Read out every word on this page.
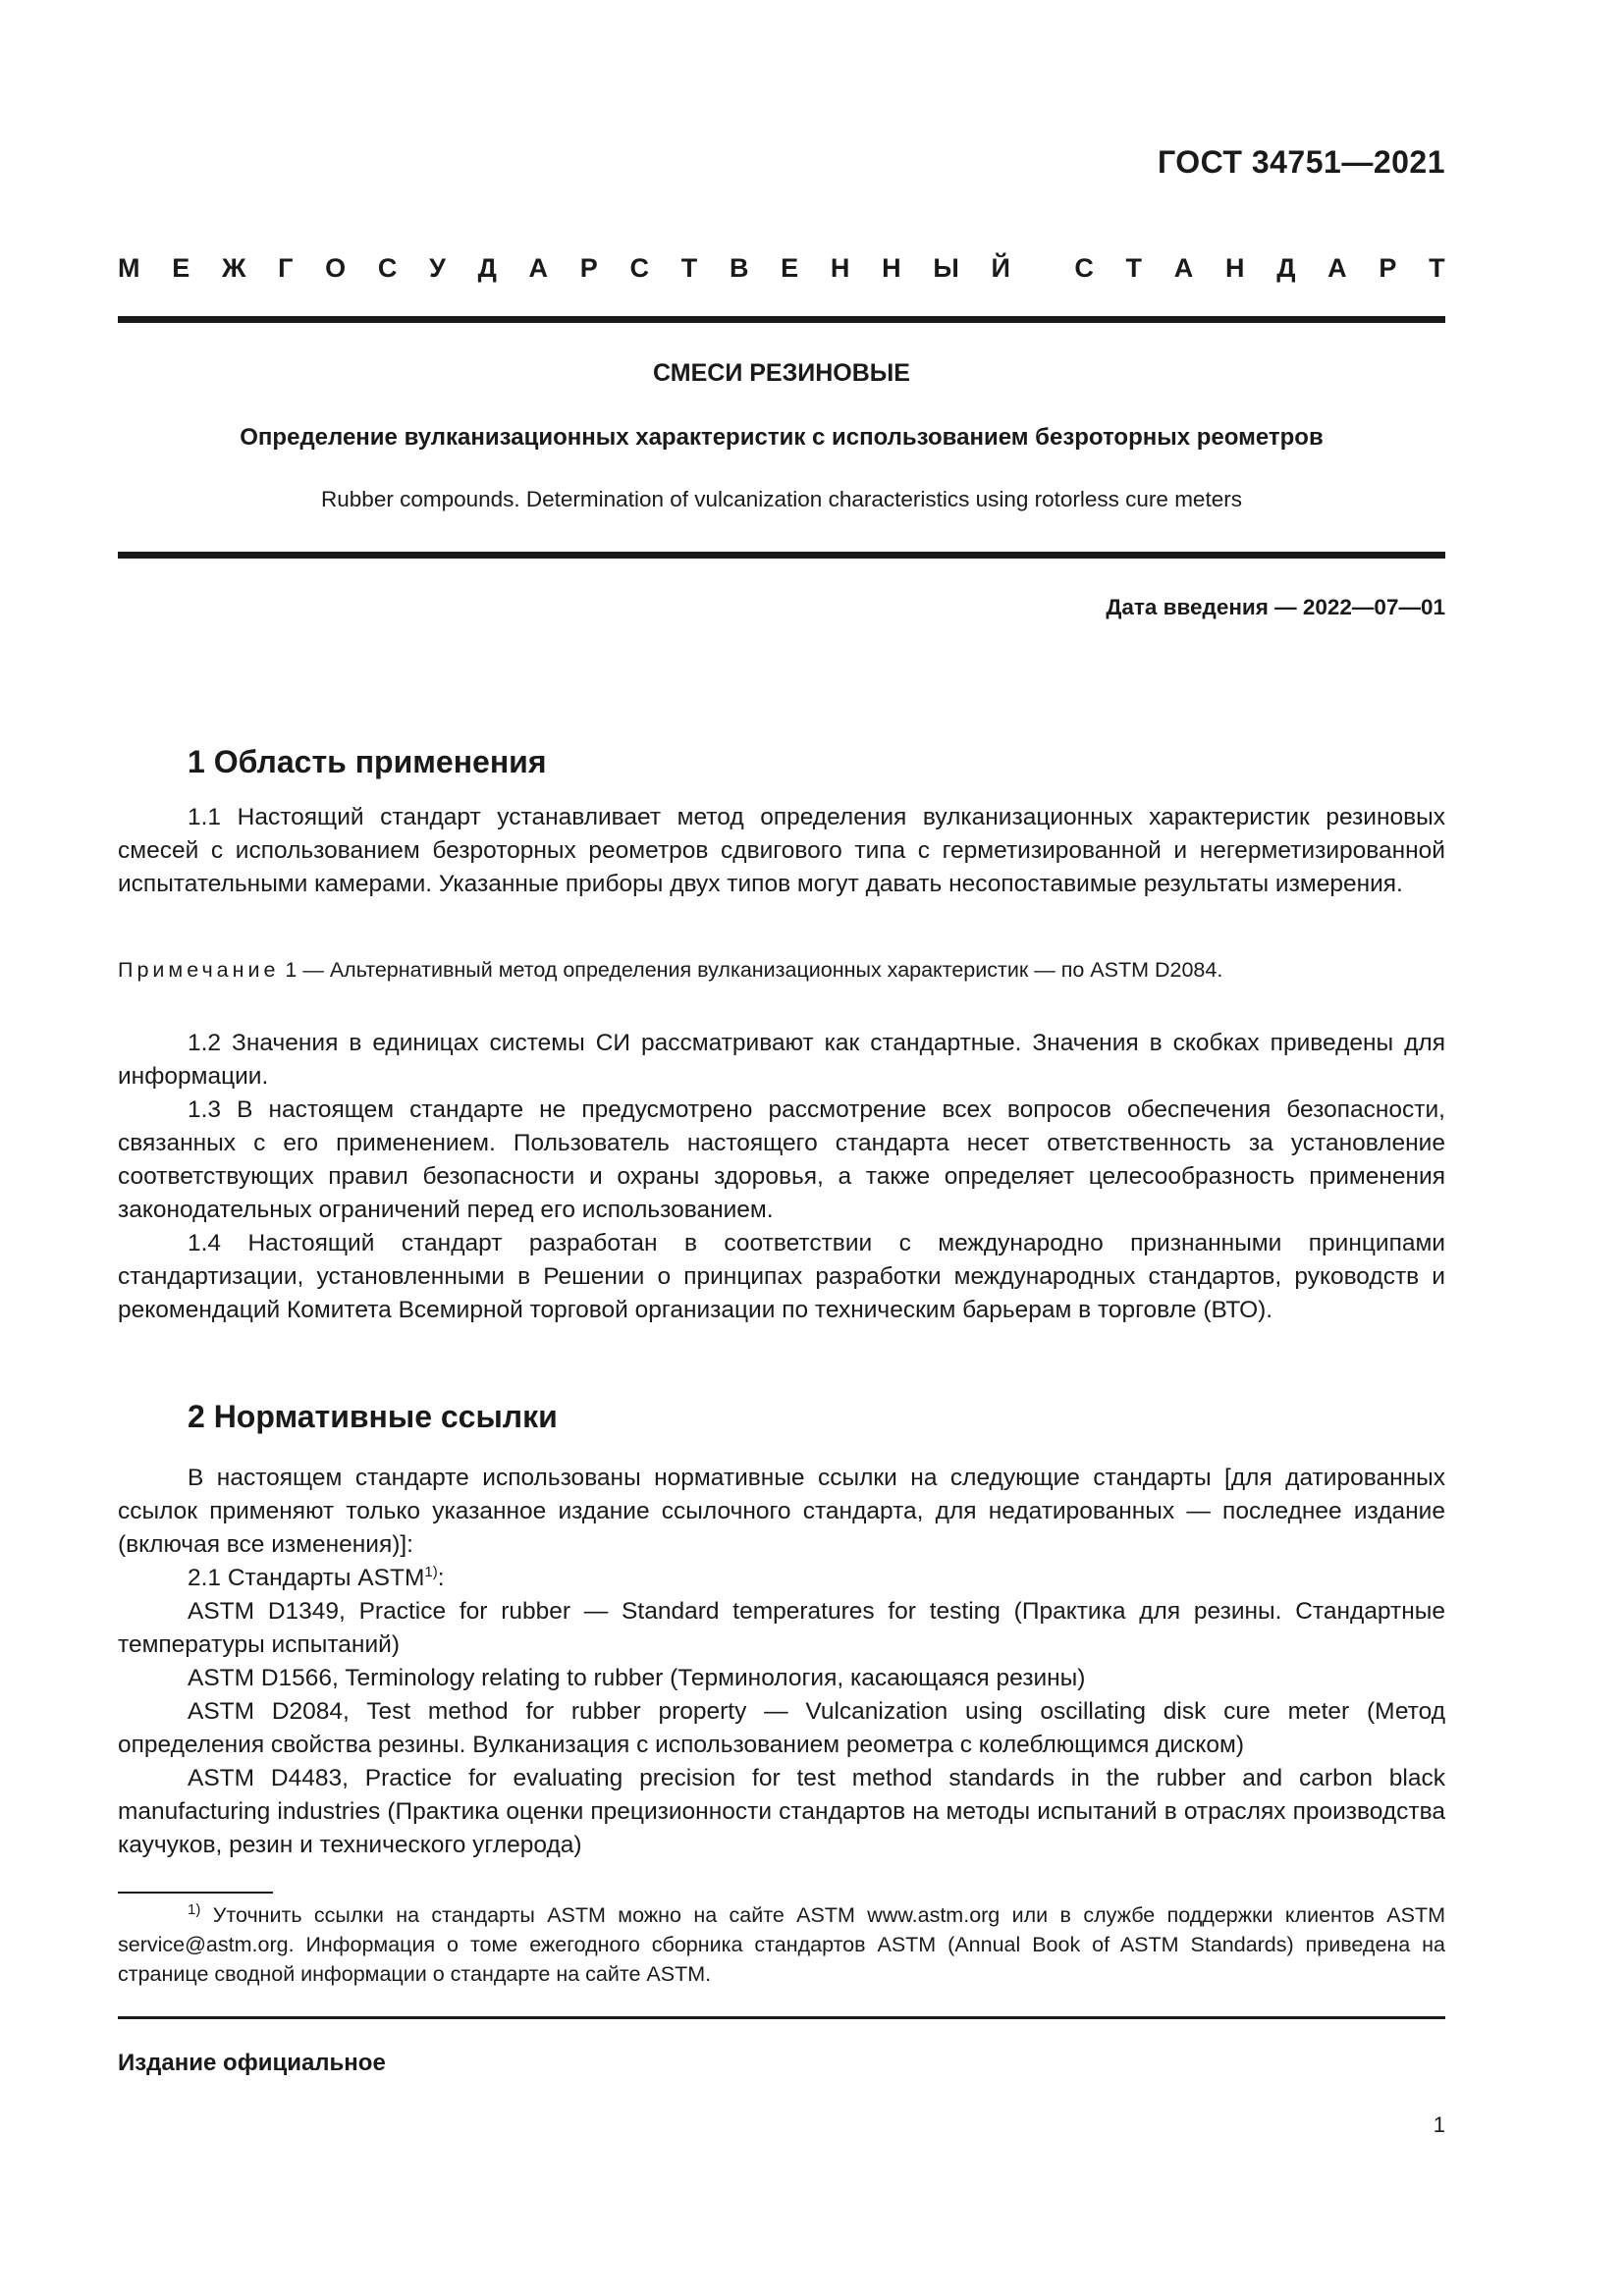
ГОСТ 34751—2021
М Е Ж Г О С У Д А Р С Т В Е Н Н Ы Й С Т А Н Д А Р Т
СМЕСИ РЕЗИНОВЫЕ
Определение вулканизационных характеристик с использованием безроторных реометров
Rubber compounds. Determination of vulcanization characteristics using rotorless cure meters
Дата введения — 2022—07—01
1 Область применения

1.1 Настоящий стандарт устанавливает метод определения вулканизационных характеристик резиновых смесей с использованием безроторных реометров сдвигового типа с герметизированной и негерметизированной испытательными камерами. Указанные приборы двух типов могут давать несопоставимые результаты измерения.

Примечание 1 — Альтернативный метод определения вулканизационных характеристик — по ASTM D2084.

1.2 Значения в единицах системы СИ рассматривают как стандартные. Значения в скобках приведены для информации.

1.3 В настоящем стандарте не предусмотрено рассмотрение всех вопросов обеспечения безопасности, связанных с его применением. Пользователь настоящего стандарта несет ответственность за установление соответствующих правил безопасности и охраны здоровья, а также определяет целесообразность применения законодательных ограничений перед его использованием.

1.4 Настоящий стандарт разработан в соответствии с международно признанными принципами стандартизации, установленными в Решении о принципах разработки международных стандартов, руководств и рекомендаций Комитета Всемирной торговой организации по техническим барьерам в торговле (ВТО).

2 Нормативные ссылки

В настоящем стандарте использованы нормативные ссылки на следующие стандарты [для датированных ссылок применяют только указанное издание ссылочного стандарта, для недатированных — последнее издание (включая все изменения)]:

2.1 Стандарты ASTM$^{1)}$:

ASTM D1349, Practice for rubber — Standard temperatures for testing (Практика для резины. Стандартные температуры испытаний)

ASTM D1566, Terminology relating to rubber (Терминология, касающаяся резины)

ASTM D2084, Test method for rubber property — Vulcanization using oscillating disk cure meter (Метод определения свойства резины. Вулканизация с использованием реометра с колеблющимся диском)

ASTM D4483, Practice for evaluating precision for test method standards in the rubber and carbon black manufacturing industries (Практика оценки прецизионности стандартов на методы испытаний в отраслях производства каучуков, резин и технического углерода)

$^{1)}$ Уточнить ссылки на стандарты ASTM можно на сайте ASTM www.astm.org или в службе поддержки клиентов ASTM service@astm.org. Информация о томе ежегодного сборника стандартов ASTM (Annual Book of ASTM Standards) приведена на странице сводной информации о стандарте на сайте ASTM.

Издание официальное
1
